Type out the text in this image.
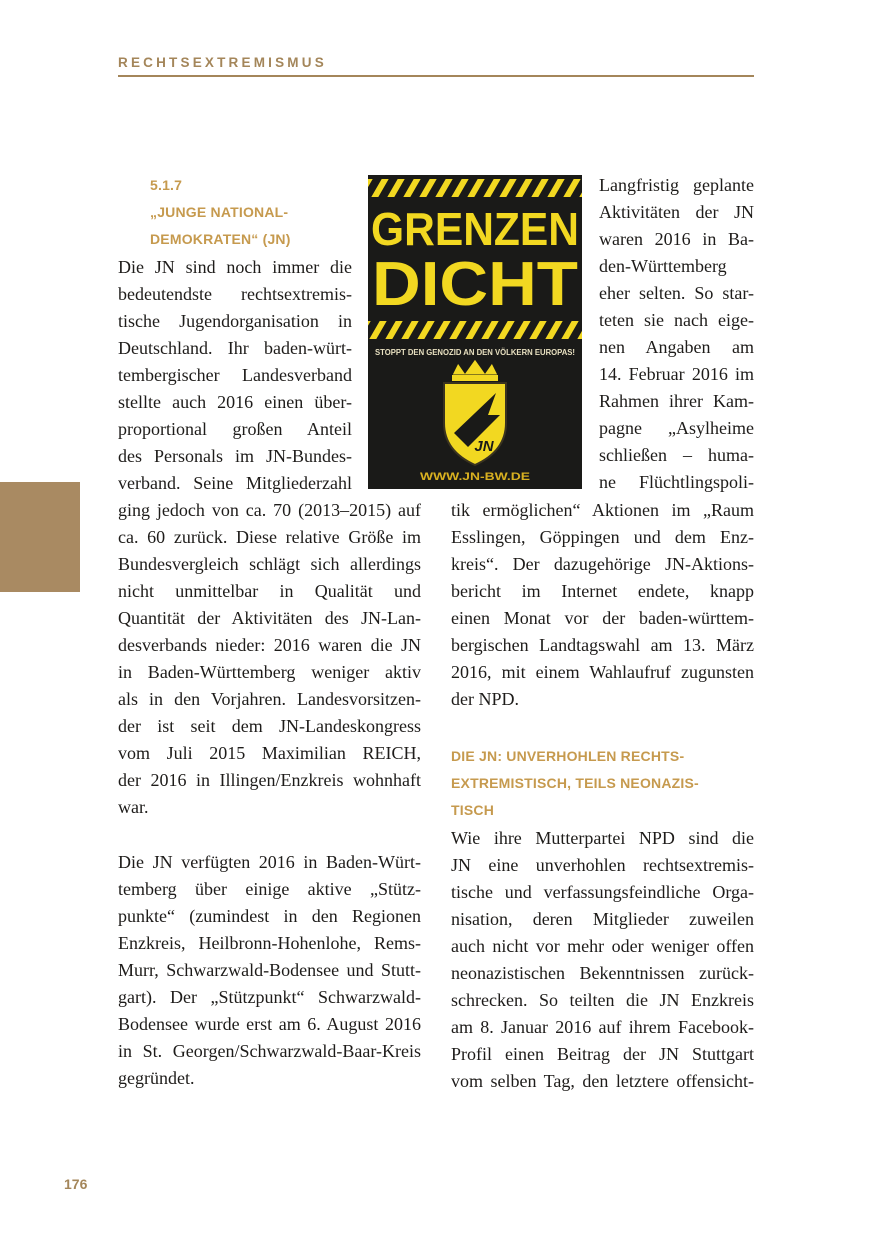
RECHTSEXTREMISMUS
5.1.7
„JUNGE NATIONAL-
DEMOKRATEN“ (JN) GRENZEN
DICHT
STOPPT DEN GENOZID AN DEN VÖLKERN EUROPAS!
JN
WWW.JN-BW.DE
Die JN sind noch immer die
bedeutendste rechtsextremis-
tische Jugendorganisation in
Deutschland. Ihr baden-würt-
tembergischer Landesverband
stellte auch 2016 einen über-
proportional großen Anteil
des Personals im JN-Bundes-
verband. Seine Mitgliederzahl
ging jedoch von ca. 70 (2013–2015) auf
ca. 60 zurück. Diese relative Größe im
Bundesvergleich schlägt sich allerdings
nicht unmittelbar in Qualität und
Quantität der Aktivitäten des JN-Lan-
desverbands nieder: 2016 waren die JN
in Baden-Württemberg weniger aktiv
als in den Vorjahren. Landesvorsitzen-
der ist seit dem JN-Landeskongress
vom Juli 2015 Maximilian REICH,
der 2016 in Illingen/Enzkreis wohnhaft
war.
Die JN verfügten 2016 in Baden-Würt-
temberg über einige aktive „Stütz-
punkte“ (zumindest in den Regionen
Enzkreis, Heilbronn-Hohenlohe, Rems-
Murr, Schwarzwald-Bodensee und Stutt-
gart). Der „Stützpunkt“ Schwarzwald-
Bodensee wurde erst am 6. August 2016
in St. Georgen/Schwarzwald-Baar-Kreis
gegründet.
Langfristig geplante
Aktivitäten der JN
waren 2016 in Ba-
den-Württemberg
eher selten. So star-
teten sie nach eige-
nen Angaben am
14. Februar 2016 im
Rahmen ihrer Kam-
pagne „Asylheime
schließen – huma-
ne Flüchtlingspoli-
tik ermöglichen“ Aktionen im „Raum
Esslingen, Göppingen und dem Enz-
kreis“. Der dazugehörige JN-Aktions-
bericht im Internet endete, knapp
einen Monat vor der baden-württem-
bergischen Landtagswahl am 13. März
2016, mit einem Wahlaufruf zugunsten
der NPD.
DIE JN: UNVERHOHLEN RECHTS-
EXTREMISTISCH, TEILS NEONAZIS-
TISCH
Wie ihre Mutterpartei NPD sind die
JN eine unverhohlen rechtsextremis-
tische und verfassungsfeindliche Orga-
nisation, deren Mitglieder zuweilen
auch nicht vor mehr oder weniger offen
neonazistischen Bekenntnissen zurück-
schrecken. So teilten die JN Enzkreis
am 8. Januar 2016 auf ihrem Facebook-
Profil einen Beitrag der JN Stuttgart
vom selben Tag, den letztere offensicht-
176
